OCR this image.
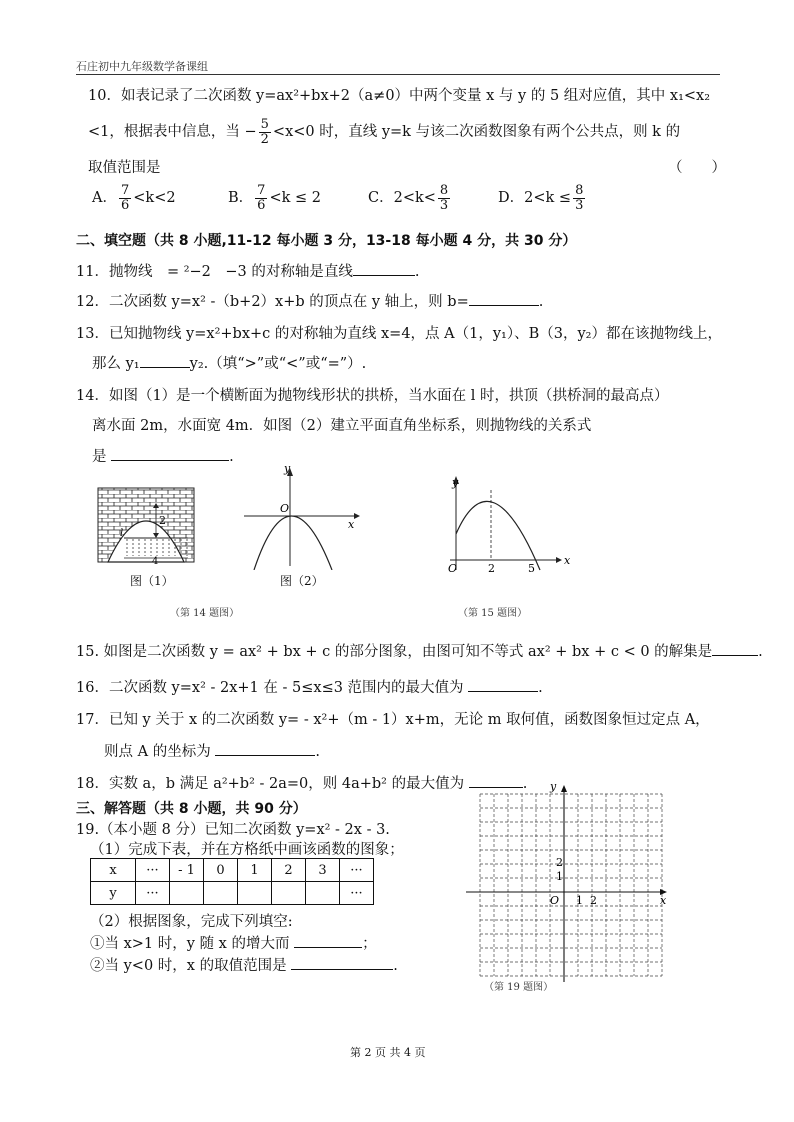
石庄初中九年级数学备课组
10．如表记录了二次函数 y=ax²+bx+2（a≠0）中两个变量 x 与 y 的 5 组对应值，其中 x₁<x₂
<1，根据表中信息，当 − $\frac{5}{2} <x<0$ 时，直线 y=k 与该二次函数图象有两个公共点，则 k 的
取值范围是	（　　）
A． $\frac{7}{6} <k<2$	B． $\frac{7}{6} <k \le 2$	C．$2<k< \frac{8}{3}$	D．$2<k \le \frac{8}{3}$
二、填空题（共 8 小题,11-12 每小题 3 分，13-18 每小题 4 分，共 30 分）
11．抛物线　= ²−2　−3 的对称轴是直线	.
12．二次函数 y=x² -（b+2）x+b 的顶点在 y 轴上，则 b=	.
13．已知抛物线 y=x²+bx+c 的对称轴为直线 x=4，点 A（1，y₁）、B（3，y₂）都在该抛物线上，
那么 y₁	y₂.（填“>”或“<”或“=”）.
14．如图（1）是一个横断面为抛物线形状的拱桥，当水面在 l 时，拱顶（拱桥洞的最高点）
离水面 2m，水面宽 4m．如图（2）建立平面直角坐标系，则抛物线的关系式
是	.
2
l
4
图（1）
x
y
O
图（2）
x
y
O	2	5
（第 14 题图）	（第 15 题图）
15. 如图是二次函数 y = ax² + bx + c 的部分图象，由图可知不等式 ax² + bx + c < 0 的解集是	.
16．二次函数 y=x² - 2x+1 在 - 5≤x≤3 范围内的最大值为	.
17．已知 y 关于 x 的二次函数 y= - x²+（m - 1）x+m，无论 m 取何值，函数图象恒过定点 A，
则点 A 的坐标为	.
18．实数 a，b 满足 a²+b² - 2a=0，则 4a+b² 的最大值为	.
三、解答题（共 8 小题，共 90 分）
19.（本小题 8 分）已知二次函数 y=x² - 2x - 3.
（1）完成下表，并在方格纸中画该函数的图象；
x	···	- 1	0	1	2	3	···
y	···						···
（2）根据图象，完成下列填空:
①当 x>1 时，y 随 x 的增大而	；
②当 y<0 时，x 的取值范围是	.
y
x
O 1 2
1
2
（第 19 题图）
第 2 页 共 4 页
